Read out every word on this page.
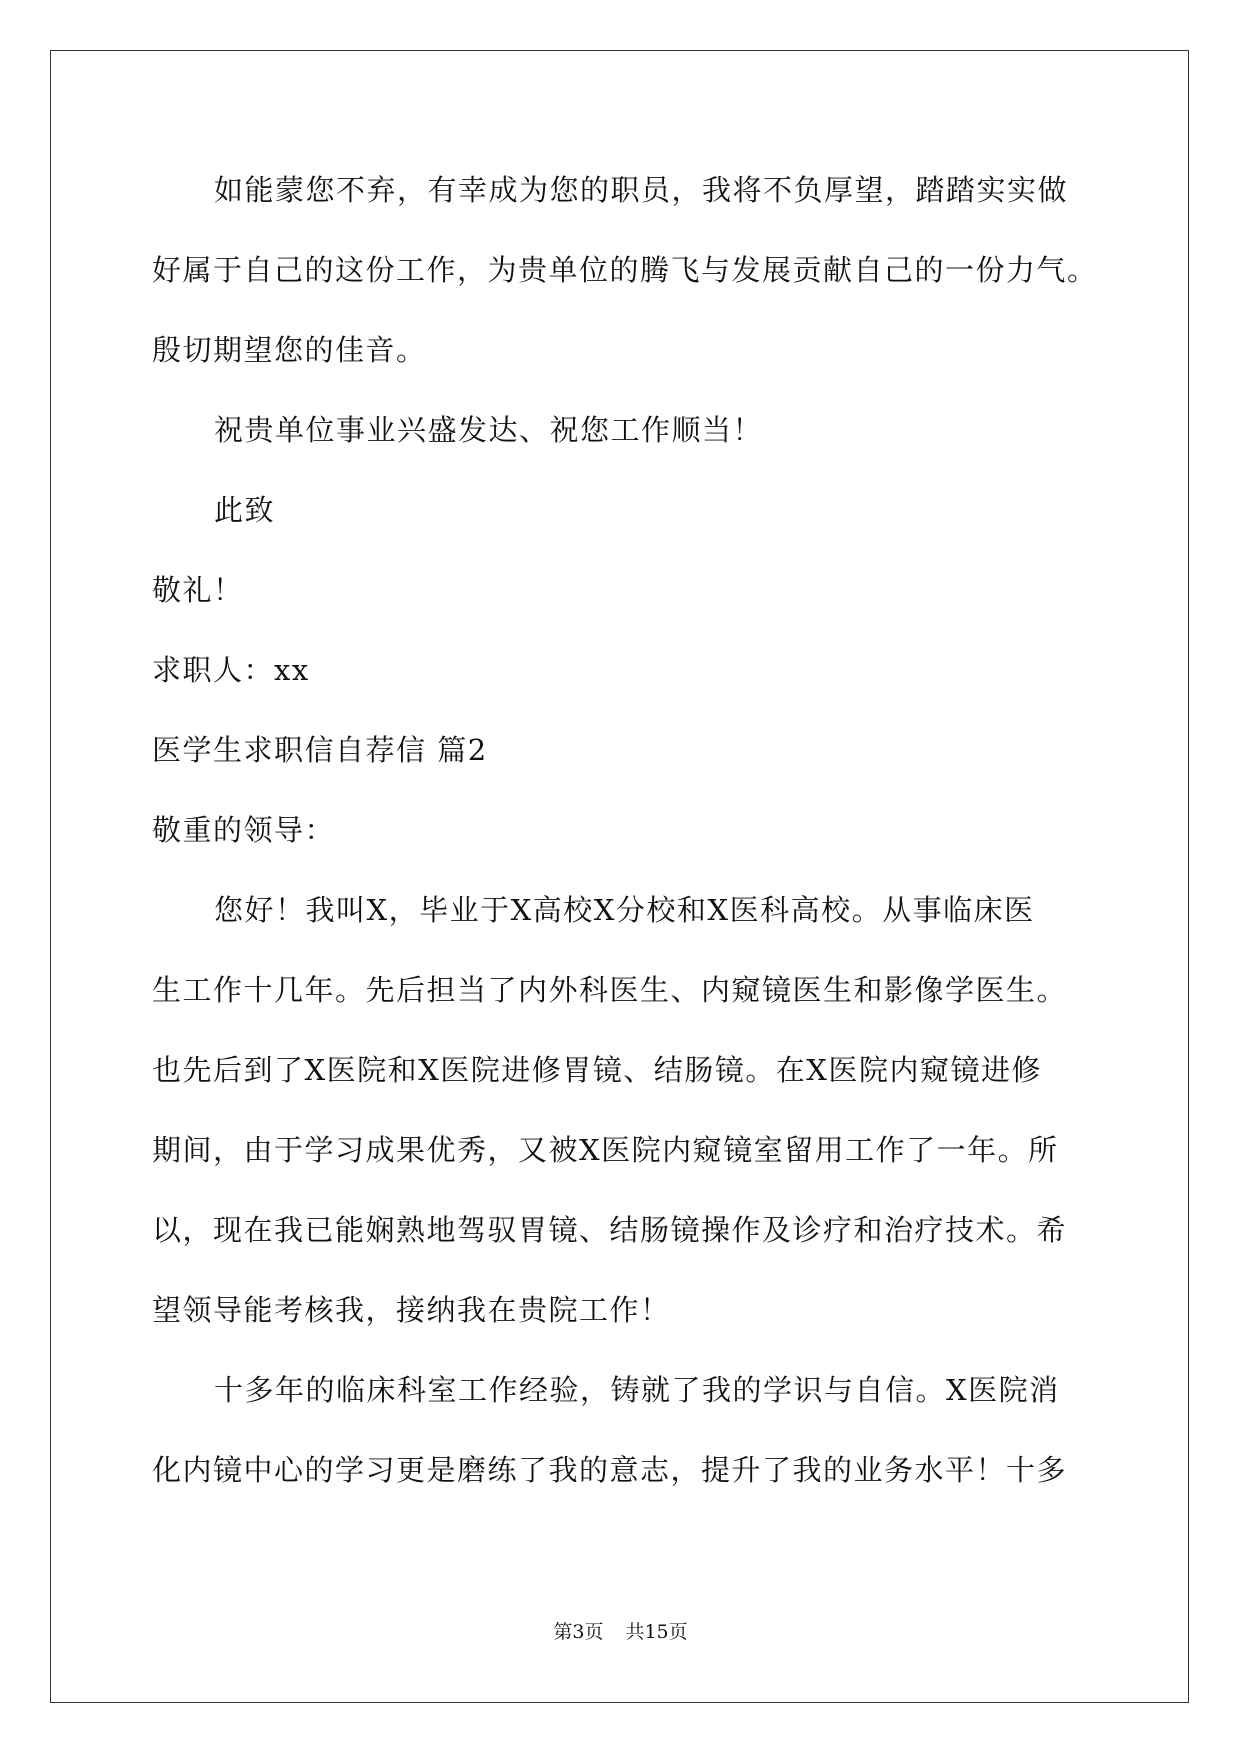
如能蒙您不弃，有幸成为您的职员，我将不负厚望，踏踏实实做
好属于自己的这份工作，为贵单位的腾飞与发展贡献自己的一份力气。
殷切期望您的佳音。
祝贵单位事业兴盛发达、祝您工作顺当！
此致
敬礼！
求职人：xx
医学生求职信自荐信 篇2
敬重的领导：
您好！我叫X，毕业于X高校X分校和X医科高校。从事临床医
生工作十几年。先后担当了内外科医生、内窥镜医生和影像学医生。
也先后到了X医院和X医院进修胃镜、结肠镜。在X医院内窥镜进修
期间，由于学习成果优秀，又被X医院内窥镜室留用工作了一年。所
以，现在我已能娴熟地驾驭胃镜、结肠镜操作及诊疗和治疗技术。希
望领导能考核我，接纳我在贵院工作！
十多年的临床科室工作经验，铸就了我的学识与自信。X医院消
化内镜中心的学习更是磨练了我的意志，提升了我的业务水平！十多
第3页 共15页
